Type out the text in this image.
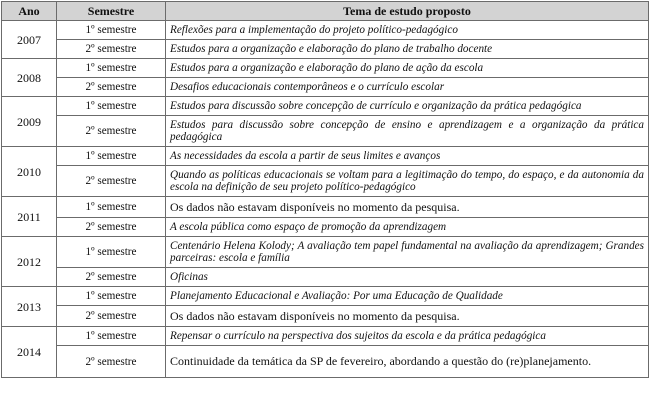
Ano	Semestre	Tema de estudo proposto
2007	1º semestre	Reflexões para a implementação do projeto político-pedagógico
	2º semestre	Estudos para a organização e elaboração do plano de trabalho docente
2008	1º semestre	Estudos para a organização e elaboração do plano de ação da escola
	2º semestre	Desafios educacionais contemporâneos e o currículo escolar
2009	1º semestre	Estudos para discussão sobre concepção de currículo e organização da prática pedagógica
	2º semestre	Estudos para discussão sobre concepção de ensino e aprendizagem e a organização da prática pedagógica
2010	1º semestre	As necessidades da escola a partir de seus limites e avanços
	2º semestre	Quando as políticas educacionais se voltam para a legitimação do tempo, do espaço, e da autonomia da escola na definição de seu projeto político-pedagógico
2011	1º semestre	Os dados não estavam disponíveis no momento da pesquisa.
	2º semestre	A escola pública como espaço de promoção da aprendizagem
2012	1º semestre	Centenário Helena Kolody; A avaliação tem papel fundamental na avaliação da aprendizagem; Grandes parceiras: escola e família
	2º semestre	Oficinas
2013	1º semestre	Planejamento Educacional e Avaliação: Por uma Educação de Qualidade
	2º semestre	Os dados não estavam disponíveis no momento da pesquisa.
2014	1º semestre	Repensar o currículo na perspectiva dos sujeitos da escola e da prática pedagógica
	2º semestre	Continuidade da temática da SP de fevereiro, abordando a questão do (re)planejamento.
